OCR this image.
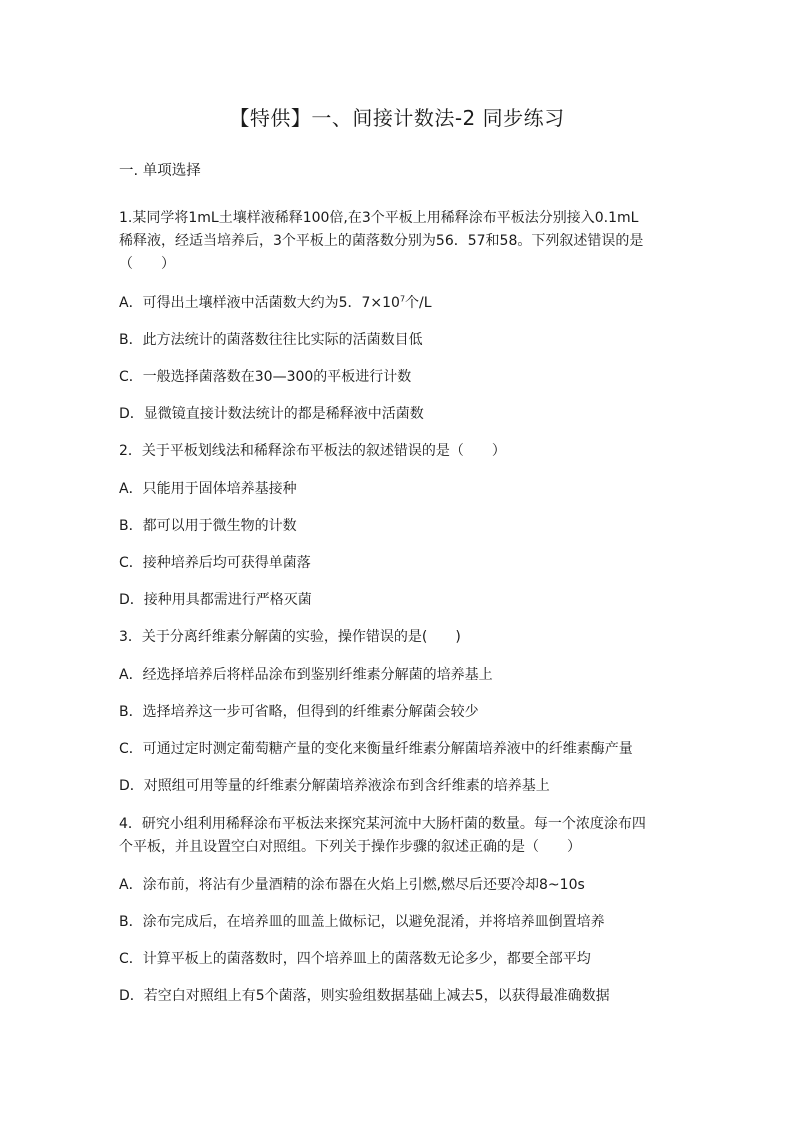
【特供】一、间接计数法-2 同步练习
一. 单项选择
1.某同学将1mL土壤样液稀释100倍,在3个平板上用稀释涂布平板法分别接入0.1mL
稀释液，经适当培养后，3个平板上的菌落数分别为56．57和58。下列叙述错误的是
（　　）
A．可得出土壤样液中活菌数大约为5．$7\times 10^7$个/L
B．此方法统计的菌落数往往比实际的活菌数目低
C．一般选择菌落数在30—300的平板进行计数
D．显微镜直接计数法统计的都是稀释液中活菌数
2．关于平板划线法和稀释涂布平板法的叙述错误的是（　　）
A．只能用于固体培养基接种
B．都可以用于微生物的计数
C．接种培养后均可获得单菌落
D．接种用具都需进行严格灭菌
3．关于分离纤维素分解菌的实验，操作错误的是(　　)
A．经选择培养后将样品涂布到鉴别纤维素分解菌的培养基上
B．选择培养这一步可省略，但得到的纤维素分解菌会较少
C．可通过定时测定葡萄糖产量的变化来衡量纤维素分解菌培养液中的纤维素酶产量
D．对照组可用等量的纤维素分解菌培养液涂布到含纤维素的培养基上
4．研究小组利用稀释涂布平板法来探究某河流中大肠杆菌的数量。每一个浓度涂布四
个平板，并且设置空白对照组。下列关于操作步骤的叙述正确的是（　　）
A．涂布前，将沾有少量酒精的涂布器在火焰上引燃,燃尽后还要冷却8~10s
B．涂布完成后，在培养皿的皿盖上做标记，以避免混淆，并将培养皿倒置培养
C．计算平板上的菌落数时，四个培养皿上的菌落数无论多少，都要全部平均
D．若空白对照组上有5个菌落，则实验组数据基础上减去5，以获得最准确数据
